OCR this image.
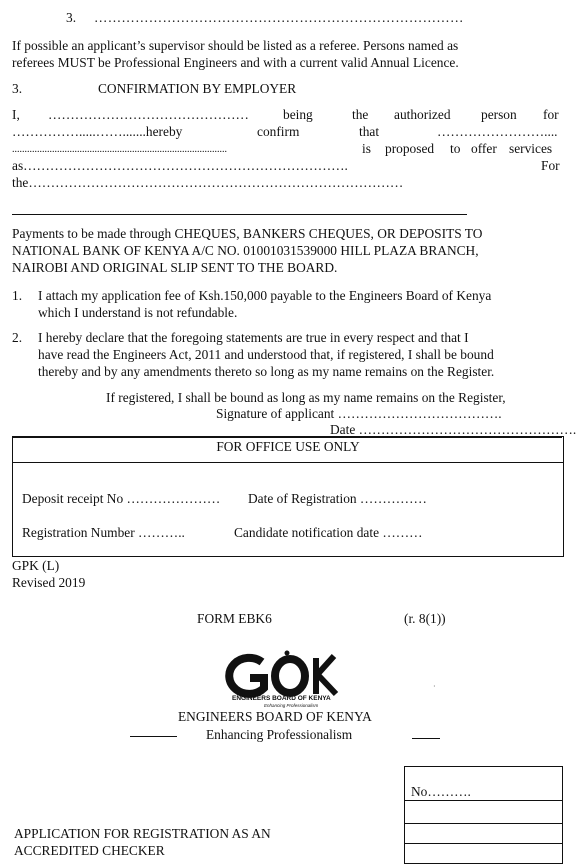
3. ………………………………………………………………………
If possible an applicant’s supervisor should be listed as a referee. Persons named as
referees MUST be Professional Engineers and with a current valid Annual Licence.
3.	CONFIRMATION BY EMPLOYER
I, ………………………………………	being	the authorized person for
…………….....…….......hereby	confirm	that	……………………....
......................................................................................	is proposed to offer services
as……………………………………………………………….	For
the…………………………………………………………………………
Payments to be made through CHEQUES, BANKERS CHEQUES, OR DEPOSITS TO
NATIONAL BANK OF KENYA A/C NO. 01001031539000 HILL PLAZA BRANCH,
NAIROBI AND ORIGINAL SLIP SENT TO THE BOARD.
1. I attach my application fee of Ksh.150,000 payable to the Engineers Board of Kenya
which I understand is not refundable.
2. I hereby declare that the foregoing statements are true in every respect and that I
have read the Engineers Act, 2011 and understood that, if registered, I shall be bound
thereby and by any amendments thereto so long as my name remains on the Register.
If registered, I shall be bound as long as my name remains on the Register,
Signature of applicant ……………………………….
Date ………………………………………….
FOR OFFICE USE ONLY
Deposit receipt No ………………… Date of Registration ……………
Registration Number ………..	Candidate notification date ………
GPK (L)
Revised 2019
FORM EBK6	(r. 8(1))
ENGINEERS BOARD OF KENYA
Enhancing Professionalism
ENGINEERS BOARD OF KENYA
Enhancing Professionalism
·
No……….
APPLICATION FOR REGISTRATION AS AN
ACCREDITED CHECKER
